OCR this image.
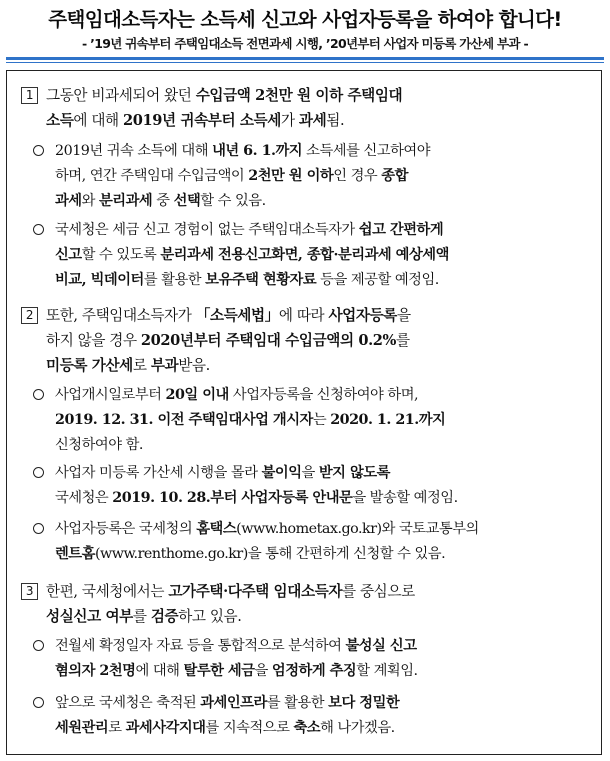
주택임대소득자는 소득세 신고와 사업자등록을 하여야 합니다!
- ’19년 귀속부터 주택임대소득 전면과세 시행, ’20년부터 사업자 미등록 가산세 부과 -
1 그동안 비과세되어 왔던 수입금액 2천만 원 이하 주택임대
소득에 대해 2019년 귀속부터 소득세가 과세됨.
2019년 귀속 소득에 대해 내년 6. 1.까지 소득세를 신고하여야
하며, 연간 주택임대 수입금액이 2천만 원 이하인 경우 종합
과세와 분리과세 중 선택할 수 있음.
국세청은 세금 신고 경험이 없는 주택임대소득자가 쉽고 간편하게
신고할 수 있도록 분리과세 전용신고화면, 종합·분리과세 예상세액
비교, 빅데이터를 활용한 보유주택 현황자료 등을 제공할 예정임.
2 또한, 주택임대소득자가 「소득세법」에 따라 사업자등록을
하지 않을 경우 2020년부터 주택임대 수입금액의 0.2%를
미등록 가산세로 부과받음.
사업개시일로부터 20일 이내 사업자등록을 신청하여야 하며,
2019. 12. 31. 이전 주택임대사업 개시자는 2020. 1. 21.까지
신청하여야 함.
사업자 미등록 가산세 시행을 몰라 불이익을 받지 않도록
국세청은 2019. 10. 28.부터 사업자등록 안내문을 발송할 예정임.
사업자등록은 국세청의 홈택스(www.hometax.go.kr)와 국토교통부의
렌트홈(www.renthome.go.kr)을 통해 간편하게 신청할 수 있음.
3 한편, 국세청에서는 고가주택·다주택 임대소득자를 중심으로
성실신고 여부를 검증하고 있음.
전월세 확정일자 자료 등을 통합적으로 분석하여 불성실 신고
혐의자 2천명에 대해 탈루한 세금을 엄정하게 추징할 계획임.
앞으로 국세청은 축적된 과세인프라를 활용한 보다 정밀한
세원관리로 과세사각지대를 지속적으로 축소해 나가겠음.
